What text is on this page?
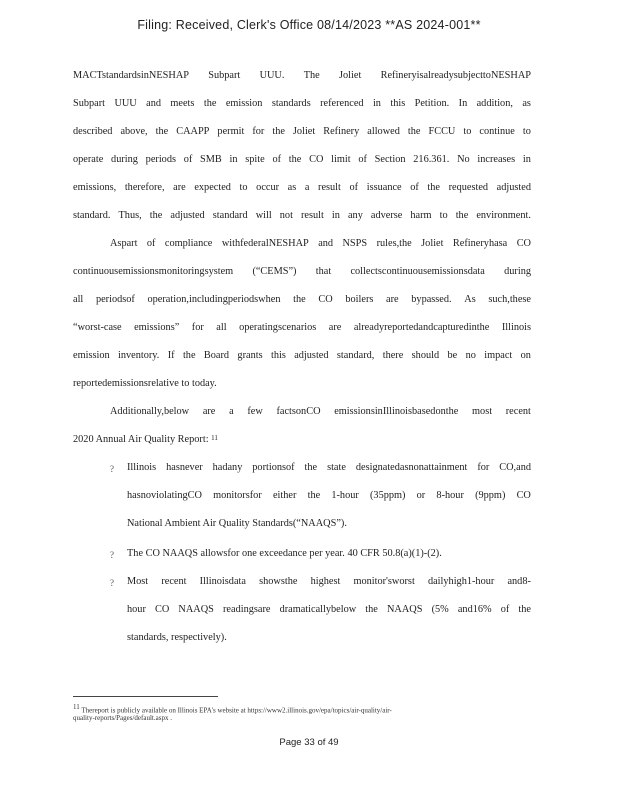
Filing: Received, Clerk's Office 08/14/2023 **AS 2024-001**
MACTstandardsinNESHAP Subpart UUU. The Joliet RefineryisalreadysubjecttoNESHAP
Subpart UUU and meets the emission standards referenced in this Petition. In addition, as
described above, the CAAPP permit for the Joliet Refinery allowed the FCCU to continue to
operate during periods of SMB in spite of the CO limit of Section 216.361. No increases in
emissions, therefore, are expected to occur as a result of issuance of the requested adjusted
standard. Thus, the adjusted standard will not result in any adverse harm to the environment.
Aspart of compliance withfederalNESHAP and NSPS rules,the Joliet Refineryhasa CO
continuousemissionsmonitoringsystem (“CEMS”) that collectscontinuousemissionsdata during
all periodsof operation,includingperiodswhen the CO boilers are bypassed. As such,these
“worst-case emissions” for all operatingscenarios are alreadyreportedandcapturedinthe Illinois
emission inventory. If the Board grants this adjusted standard, there should be no impact on
reportedemissionsrelative to today.
Additionally,below are a few factsonCO emissionsinIllinoisbasedonthe most recent
2020 Annual Air Quality Report:
11
? Illinois hasnever hadany portionsof the state designatedasnonattainment for CO,and
hasnoviolatingCO monitorsfor either the 1-hour (35ppm) or 8-hour (9ppm) CO
National Ambient Air Quality Standards(“NAAQS”).
? The CO NAAQS allowsfor one exceedance per year. 40 CFR 50.8(a)(1)-(2).
? Most recent Illinoisdata showsthe highest monitor'sworst dailyhigh1-hour and8-
hour CO NAAQS readingsare dramaticallybelow the NAAQS (5% and16% of the
standards, respectively).
$^{11}$ Thereport is publicly available on Illinois EPA's website at https://www2.illinois.gov/epa/topics/air-quality/air-
quality-reports/Pages/default.aspx .
Page 33 of 49
